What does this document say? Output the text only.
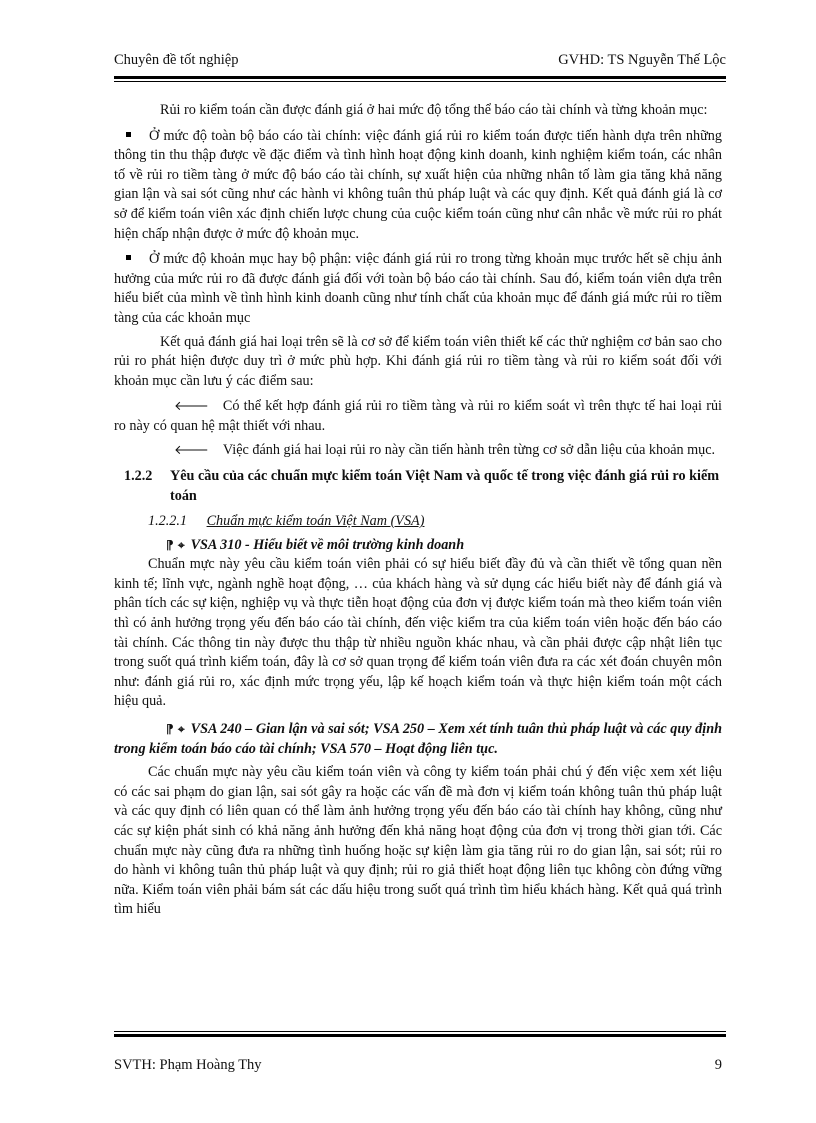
Chuyên đề tốt nghiệp	GVHD: TS Nguyễn Thế Lộc

Rủi ro kiểm toán cần được đánh giá ở hai mức độ tổng thể báo cáo tài chính và từng khoản mục:

Ở mức độ toàn bộ báo cáo tài chính: việc đánh giá rủi ro kiểm toán được tiến hành dựa trên những thông tin thu thập được về đặc điểm và tình hình hoạt động kinh doanh, kinh nghiệm kiểm toán, các nhân tố về rủi ro tiềm tàng ở mức độ báo cáo tài chính, sự xuất hiện của những nhân tố làm gia tăng khả năng gian lận và sai sót cũng như các hành vi không tuân thủ pháp luật và các quy định. Kết quả đánh giá là cơ sở để kiểm toán viên xác định chiến lược chung của cuộc kiểm toán cũng như cân nhắc về mức rủi ro phát hiện chấp nhận được ở mức độ khoản mục.

Ở mức độ khoản mục hay bộ phận: việc đánh giá rủi ro trong từng khoản mục trước hết sẽ chịu ảnh hưởng của mức rủi ro đã được đánh giá đối với toàn bộ báo cáo tài chính. Sau đó, kiểm toán viên dựa trên hiểu biết của mình về tình hình kinh doanh cũng như tính chất của khoản mục để đánh giá mức rủi ro tiềm tàng của các khoản mục

Kết quả đánh giá hai loại trên sẽ là cơ sở để kiểm toán viên thiết kế các thử nghiệm cơ bản sao cho rủi ro phát hiện được duy trì ở mức phù hợp. Khi đánh giá rủi ro tiềm tàng và rủi ro kiểm soát đối với khoản mục cần lưu ý các điểm sau:

🡐 Có thể kết hợp đánh giá rủi ro tiềm tàng và rủi ro kiểm soát vì trên thực tế hai loại rủi ro này có quan hệ mật thiết với nhau.

🡐 Việc đánh giá hai loại rủi ro này cần tiến hành trên từng cơ sở dẫn liệu của khoản mục.

1.2.2	Yêu cầu của các chuẩn mực kiểm toán Việt Nam và quốc tế trong việc đánh giá rủi ro kiểm toán
1.2.2.1 Chuẩn mực kiểm toán Việt Nam (VSA)
⁋ ⌖ VSA 310 - Hiểu biết về môi trường kinh doanh

Chuẩn mực này yêu cầu kiểm toán viên phải có sự hiểu biết đầy đủ và cần thiết về tổng quan nền kinh tế; lĩnh vực, ngành nghề hoạt động, … của khách hàng và sử dụng các hiểu biết này để đánh giá và phân tích các sự kiện, nghiệp vụ và thực tiễn hoạt động của đơn vị được kiểm toán mà theo kiểm toán viên thì có ảnh hưởng trọng yếu đến báo cáo tài chính, đến việc kiểm tra của kiểm toán viên hoặc đến báo cáo tài chính. Các thông tin này được thu thập từ nhiều nguồn khác nhau, và cần phải được cập nhật liên tục trong suốt quá trình kiểm toán, đây là cơ sở quan trọng để kiểm toán viên đưa ra các xét đoán chuyên môn như: đánh giá rủi ro, xác định mức trọng yếu, lập kế hoạch kiểm toán và thực hiện kiểm toán một cách hiệu quả.

⁋ ⌖ VSA 240 – Gian lận và sai sót; VSA 250 – Xem xét tính tuân thủ pháp luật và các quy định trong kiểm toán báo cáo tài chính; VSA 570 – Hoạt động liên tục.

Các chuẩn mực này yêu cầu kiểm toán viên và công ty kiểm toán phải chú ý đến việc xem xét liệu có các sai phạm do gian lận, sai sót gây ra hoặc các vấn đề mà đơn vị kiểm toán không tuân thủ pháp luật và các quy định có liên quan có thể làm ảnh hưởng trọng yếu đến báo cáo tài chính hay không, cũng như các sự kiện phát sinh có khả năng ảnh hưởng đến khả năng hoạt động của đơn vị trong thời gian tới. Các chuẩn mực này cũng đưa ra những tình huống hoặc sự kiện làm gia tăng rủi ro do gian lận, sai sót; rủi ro do hành vi không tuân thủ pháp luật và quy định; rủi ro giả thiết hoạt động liên tục không còn đứng vững nữa. Kiểm toán viên phải bám sát các dấu hiệu trong suốt quá trình tìm hiểu khách hàng. Kết quả quá trình tìm hiểu

SVTH: Phạm Hoàng Thy	9
